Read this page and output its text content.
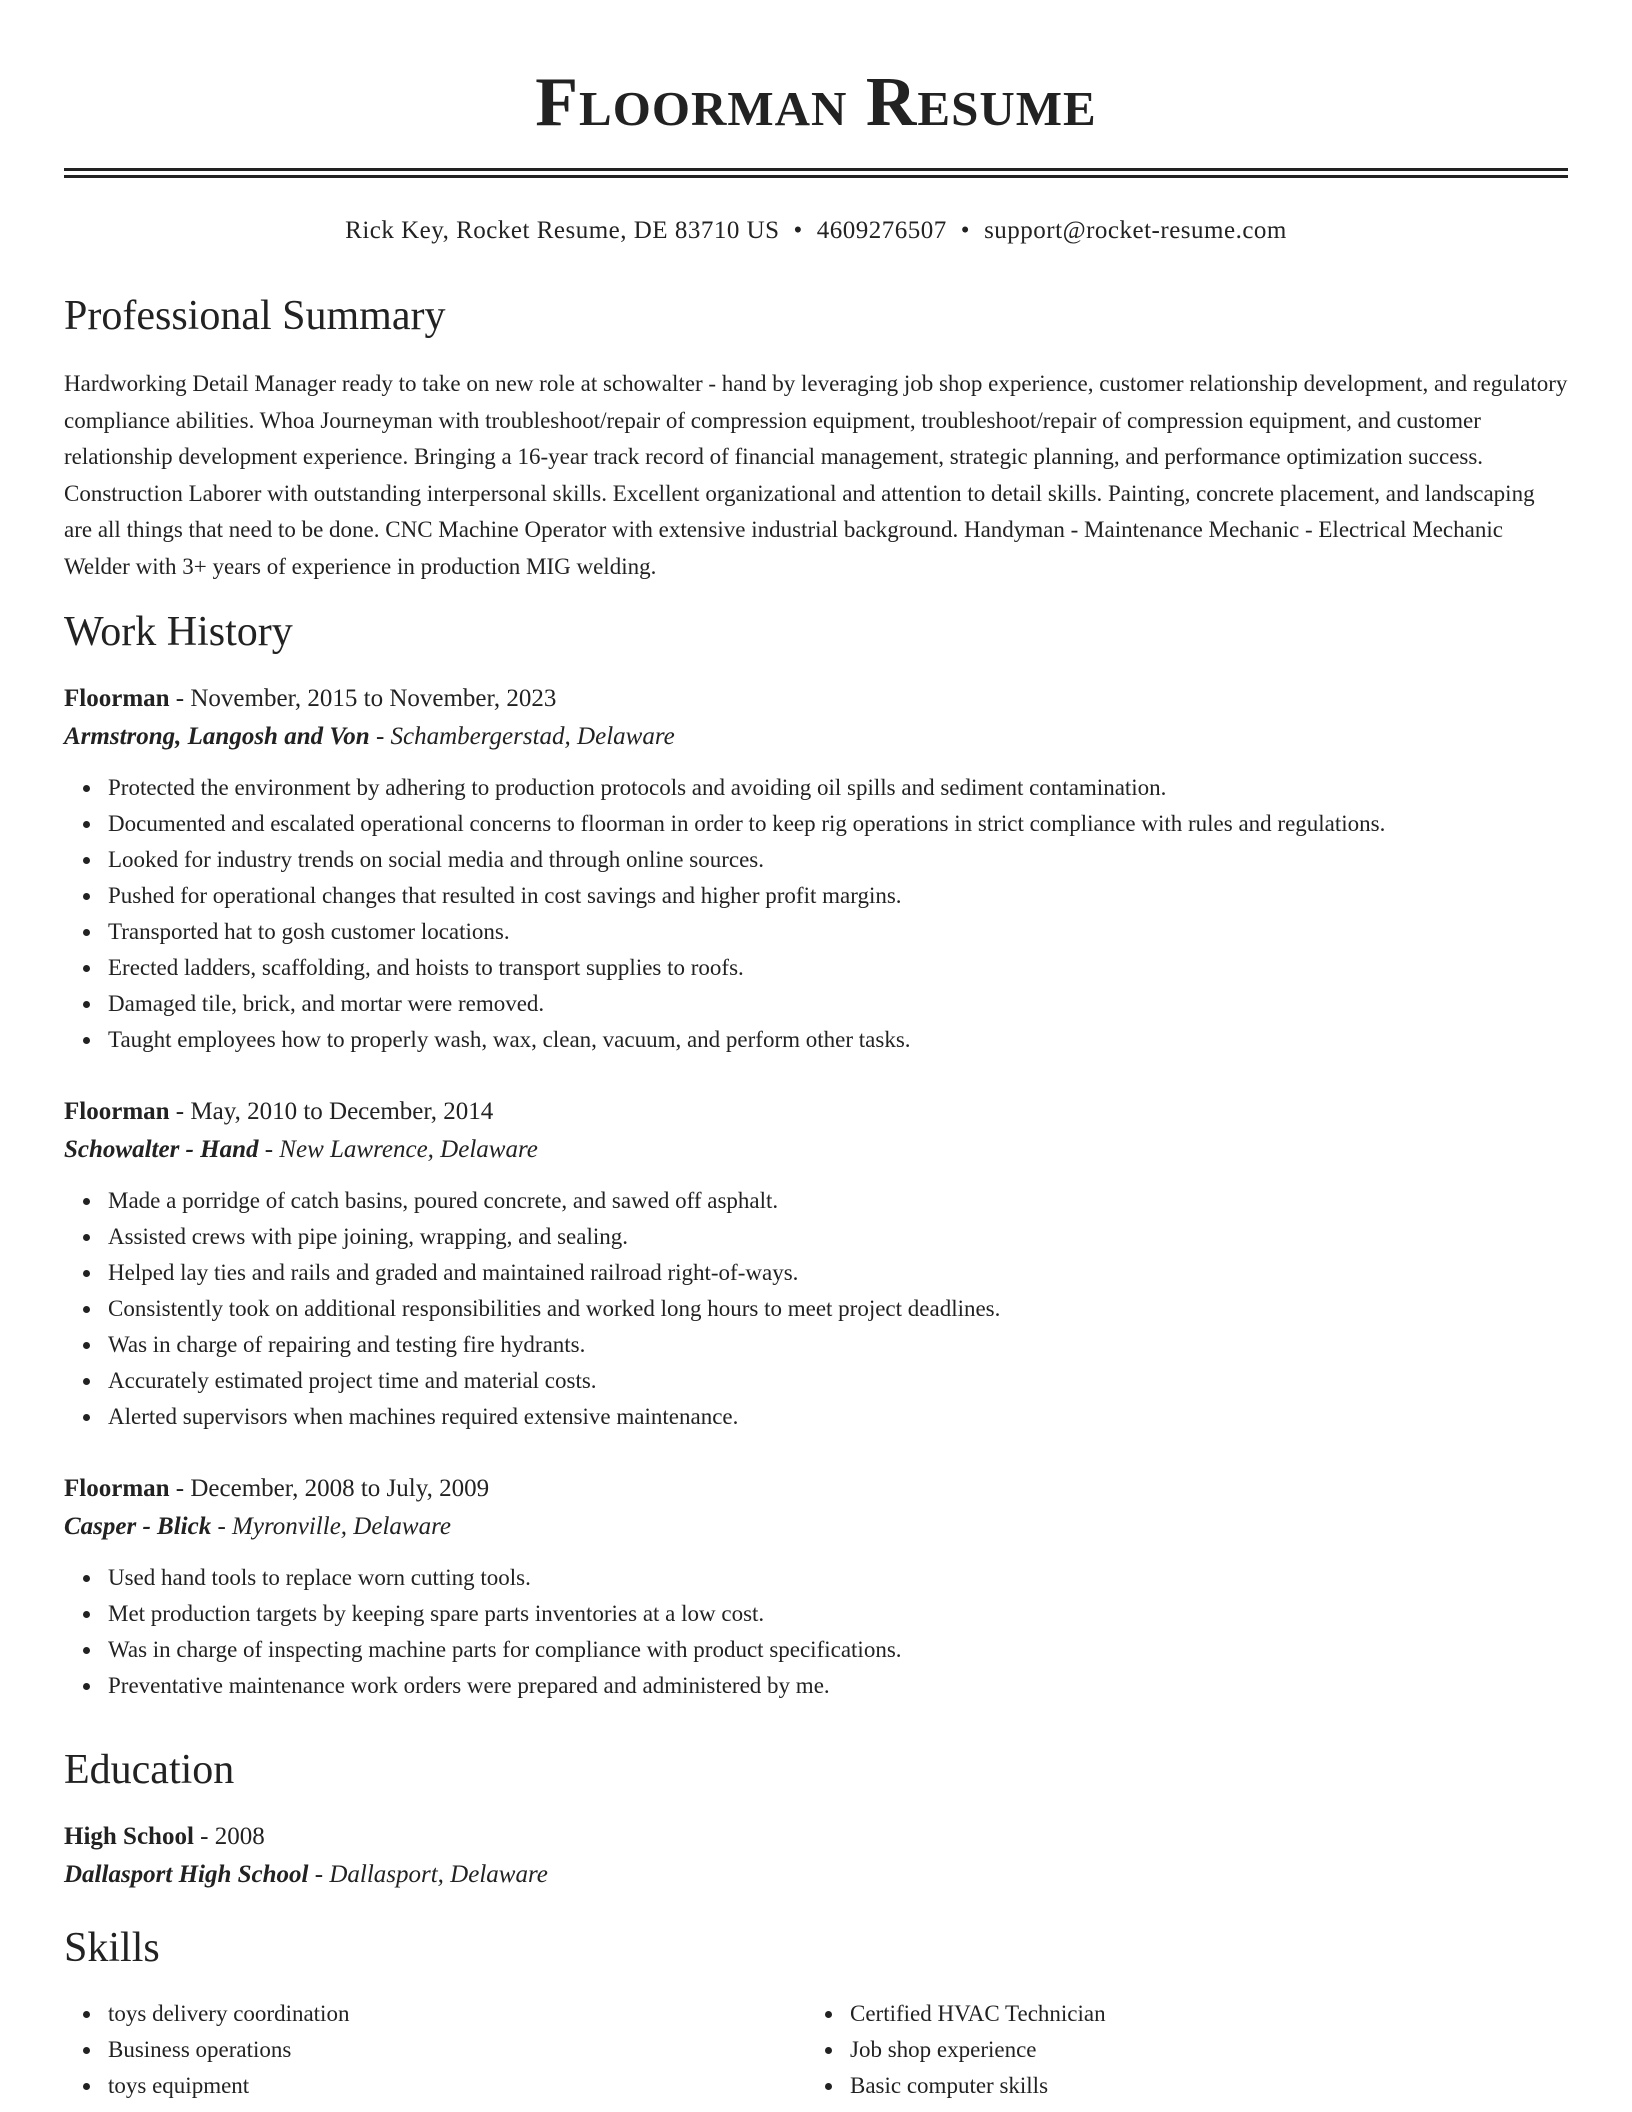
Floorman Resume
Rick Key, Rocket Resume, DE 83710 US • 4609276507 • support@rocket-resume.com
Professional Summary

Hardworking Detail Manager ready to take on new role at schowalter - hand by leveraging job shop experience, customer relationship development, and regulatory compliance abilities. Whoa Journeyman with troubleshoot/repair of compression equipment, troubleshoot/repair of compression equipment, and customer relationship development experience. Bringing a 16-year track record of financial management, strategic planning, and performance optimization success. Construction Laborer with outstanding interpersonal skills. Excellent organizational and attention to detail skills. Painting, concrete placement, and landscaping are all things that need to be done. CNC Machine Operator with extensive industrial background. Handyman - Maintenance Mechanic - Electrical Mechanic Welder with 3+ years of experience in production MIG welding.

Work History

Floorman - November, 2015 to November, 2023

Armstrong, Langosh and Von - Schambergerstad, Delaware

Protected the environment by adhering to production protocols and avoiding oil spills and sediment contamination.
Documented and escalated operational concerns to floorman in order to keep rig operations in strict compliance with rules and regulations.
Looked for industry trends on social media and through online sources.
Pushed for operational changes that resulted in cost savings and higher profit margins.
Transported hat to gosh customer locations.
Erected ladders, scaffolding, and hoists to transport supplies to roofs.
Damaged tile, brick, and mortar were removed.
Taught employees how to properly wash, wax, clean, vacuum, and perform other tasks.

Floorman - May, 2010 to December, 2014

Schowalter - Hand - New Lawrence, Delaware

Made a porridge of catch basins, poured concrete, and sawed off asphalt.
Assisted crews with pipe joining, wrapping, and sealing.
Helped lay ties and rails and graded and maintained railroad right-of-ways.
Consistently took on additional responsibilities and worked long hours to meet project deadlines.
Was in charge of repairing and testing fire hydrants.
Accurately estimated project time and material costs.
Alerted supervisors when machines required extensive maintenance.

Floorman - December, 2008 to July, 2009

Casper - Blick - Myronville, Delaware

Used hand tools to replace worn cutting tools.
Met production targets by keeping spare parts inventories at a low cost.
Was in charge of inspecting machine parts for compliance with product specifications.
Preventative maintenance work orders were prepared and administered by me.
Education

High School - 2008

Dallasport High School - Dallasport, Delaware

Skills
toys delivery coordination
Business operations
toys equipment
Certified HVAC Technician
Job shop experience
Basic computer skills
